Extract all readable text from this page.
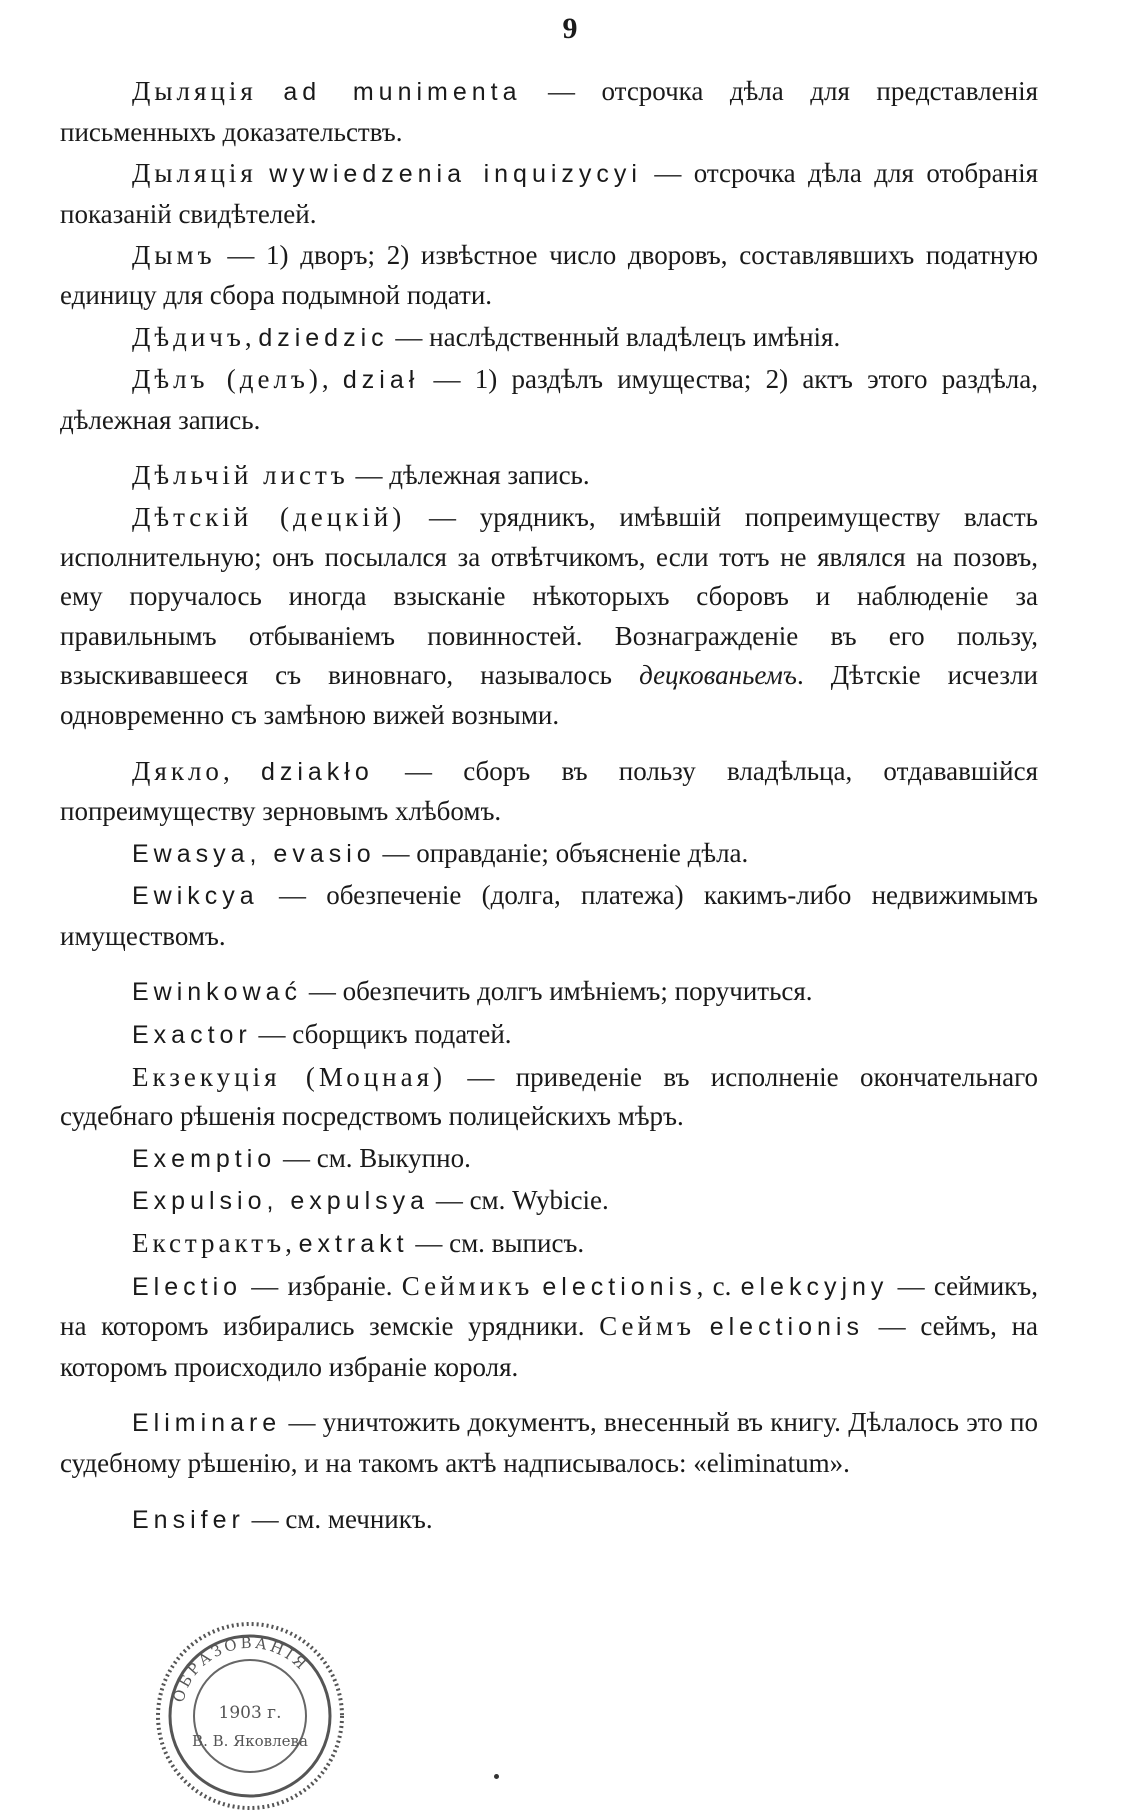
9

Дыляція ad munimenta — отсрочка дѣла для представленія письменныхъ доказательствъ.

Дыляція wywiedzenia inquizycyi — отсрочка дѣла для отобранія показаній свидѣтелей.

Дымъ — 1) дворъ; 2) извѣстное число дворовъ, составлявшихъ податную единицу для сбора подымной подати.

Дѣдичъ, dziedzic — наслѣдственный владѣлецъ имѣнія.

Дѣлъ (делъ), dział — 1) раздѣлъ имущества; 2) актъ этого раздѣла, дѣлежная запись.

Дѣльчій листъ — дѣлежная запись.

Дѣтскій (децкій) — урядникъ, имѣвшій попреимуществу власть исполнительную; онъ посылался за отвѣтчикомъ, если тотъ не являлся на позовъ, ему поручалось иногда взысканіе нѣкоторыхъ сборовъ и наблюденіе за правильнымъ отбываніемъ повинностей. Вознагражденіе въ его пользу, взыскивавшееся съ виновнаго, называлось децкованьемъ. Дѣтскіе исчезли одновременно съ замѣною вижей возными.

Дякло, dziakło — сборъ въ пользу владѣльца, отдававшійся попреимуществу зерновымъ хлѣбомъ.

Ewasya, evasio — оправданіе; объясненіе дѣла.

Ewikcya — обезпеченіе (долга, платежа) какимъ-либо недвижимымъ имуществомъ.

Ewinkować — обезпечить долгъ имѣніемъ; поручиться.

Exactor — сборщикъ податей.

Екзекуція (Моцная) — приведеніе въ исполненіе окончательнаго судебнаго рѣшенія посредствомъ полицейскихъ мѣръ.

Exemptio — см. Выкупно.

Expulsio, expulsya — см. Wybicie.

Екстрактъ, extrakt — см. выписъ.

Electio — избраніе. Сеймикъ electionis, c. elekcyjny — сеймикъ, на которомъ избирались земскіе урядники. Сеймъ electionis — сеймъ, на которомъ происходило избраніе короля.

Eliminare — уничтожить документъ, внесенный въ книгу. Дѣлалось это по судебному рѣшенію, и на такомъ актѣ надписывалось: «eliminatum».

Ensifer — см. мечникъ.

ОБРАЗОВАНІЯ
1903 г.
В. В. Яковлева
